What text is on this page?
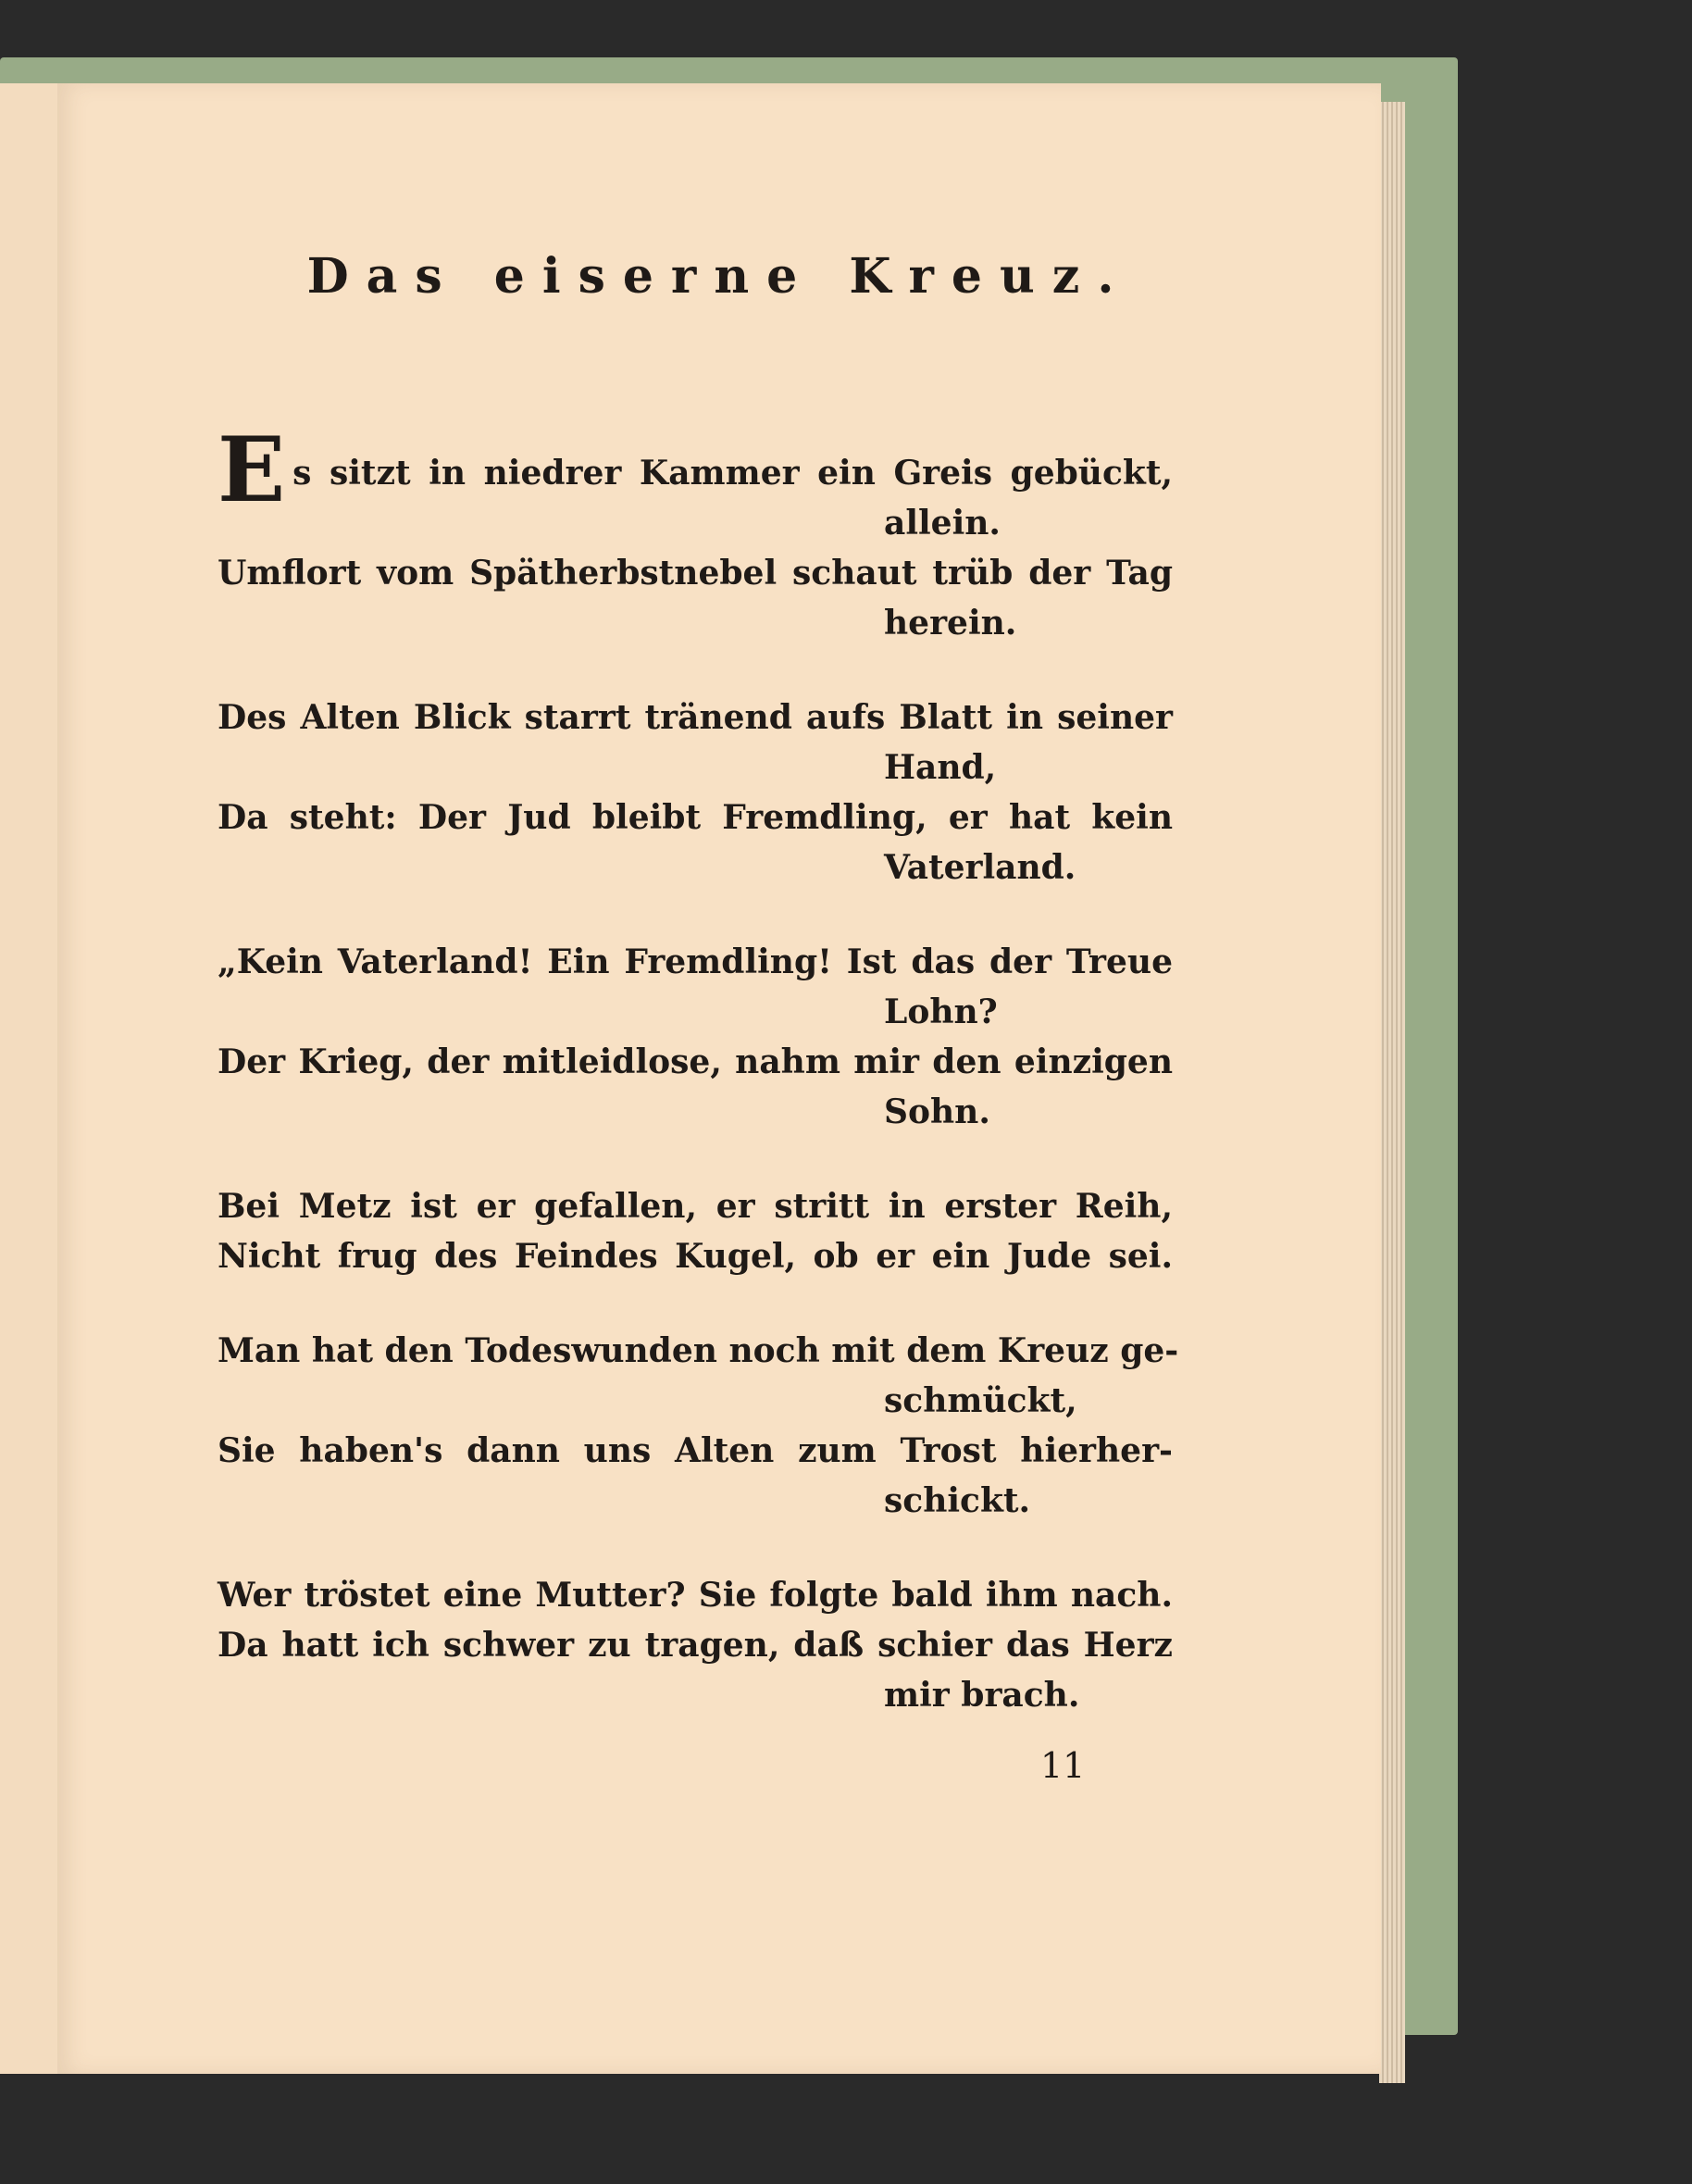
Das eiserne Kreuz.
Es sitzt in niedrer Kammer ein Greis gebückt,
allein.
Umflort vom Spätherbstnebel schaut trüb der Tag
herein.
Des Alten Blick starrt tränend aufs Blatt in seiner
Hand,
Da steht: Der Jud bleibt Fremdling, er hat kein
Vaterland.
„Kein Vaterland! Ein Fremdling! Ist das der Treue
Lohn?
Der Krieg, der mitleidlose, nahm mir den einzigen
Sohn.
Bei Metz ist er gefallen, er stritt in erster Reih,
Nicht frug des Feindes Kugel, ob er ein Jude sei.
Man hat den Todeswunden noch mit dem Kreuz ge-
schmückt,
Sie haben's dann uns Alten zum Trost hierher-
schickt.
Wer tröstet eine Mutter? Sie folgte bald ihm nach.
Da hatt ich schwer zu tragen, daß schier das Herz
mir brach.
11
